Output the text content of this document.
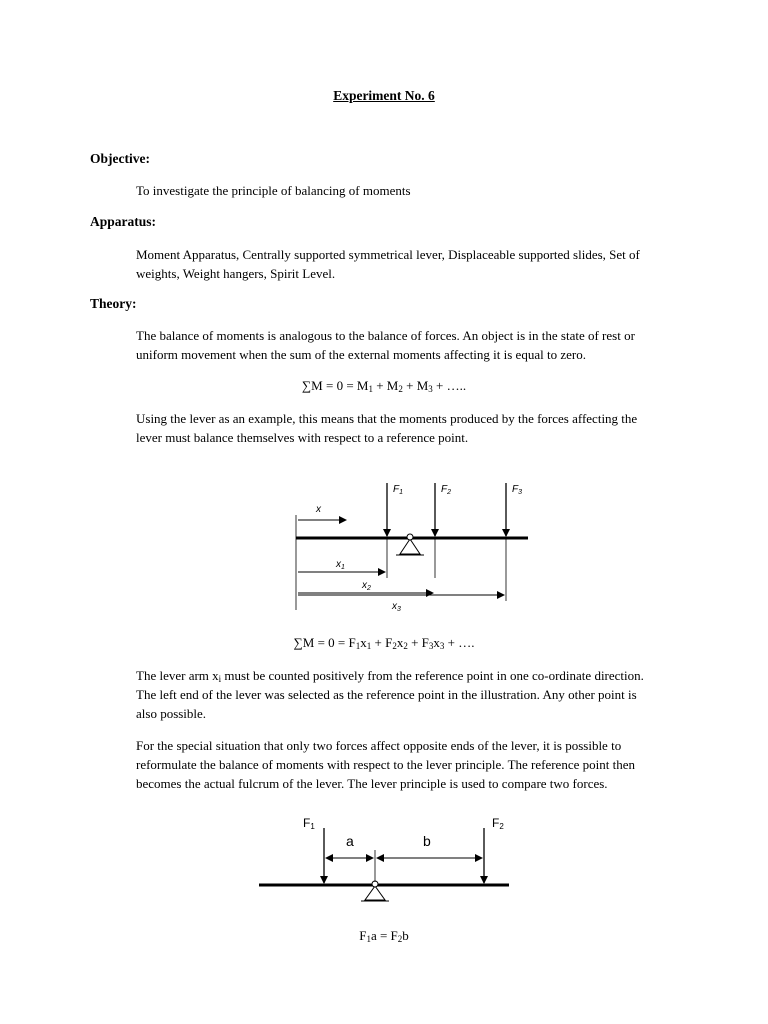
Experiment No. 6
Objective:

To investigate the principle of balancing of moments

Apparatus:

Moment Apparatus, Centrally supported symmetrical lever, Displaceable supported slides, Set of
weights, Weight hangers, Spirit Level.

Theory:

The balance of moments is analogous to the balance of forces. An object is in the state of rest or
uniform movement when the sum of the external moments affecting it is equal to zero.

$\sum M = 0 = M_1 + M_2 + M_3$ + …..

Using the lever as an example, this means that the moments produced by the forces affecting the
lever must balance themselves with respect to a reference point.

$F_1$	$F_2$	$F_3$
x
$x_1$
$x_2$
$x_3$
$\sum M = 0 = F_1x_1 + F_2x_2 + F_3x_3$ + ….

The lever arm $x_i$ must be counted positively from the reference point in one co-ordinate direction.
The left end of the lever was selected as the reference point in the illustration. Any other point is
also possible.

For the special situation that only two forces affect opposite ends of the lever, it is possible to
reformulate the balance of moments with respect to the lever principle. The reference point then
becomes the actual fulcrum of the lever. The lever principle is used to compare two forces.

F1	F2
a	b
$F_1a = F_2b$
